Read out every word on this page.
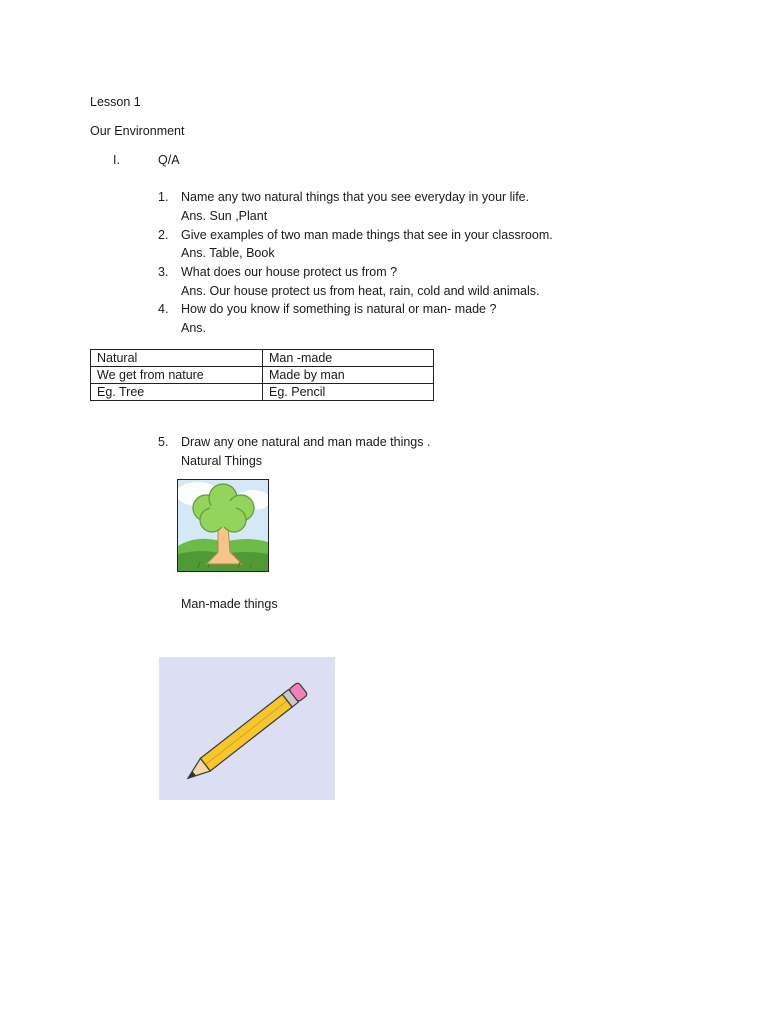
Lesson 1
Our Environment
I.	Q/A
1. Name any two natural things that you see everyday in your life.
Ans. Sun ,Plant
2. Give examples of two man made things that see in your classroom.
Ans. Table, Book
3. What does our house protect us from ?
Ans. Our house protect us from heat, rain, cold and wild animals.
4. How do you know if something is natural or man- made ?
Ans.
Natural	Man -made
We get from nature	Made by man
Eg. Tree	Eg. Pencil
5. Draw any one natural and man made things .
Natural Things
Man-made things
